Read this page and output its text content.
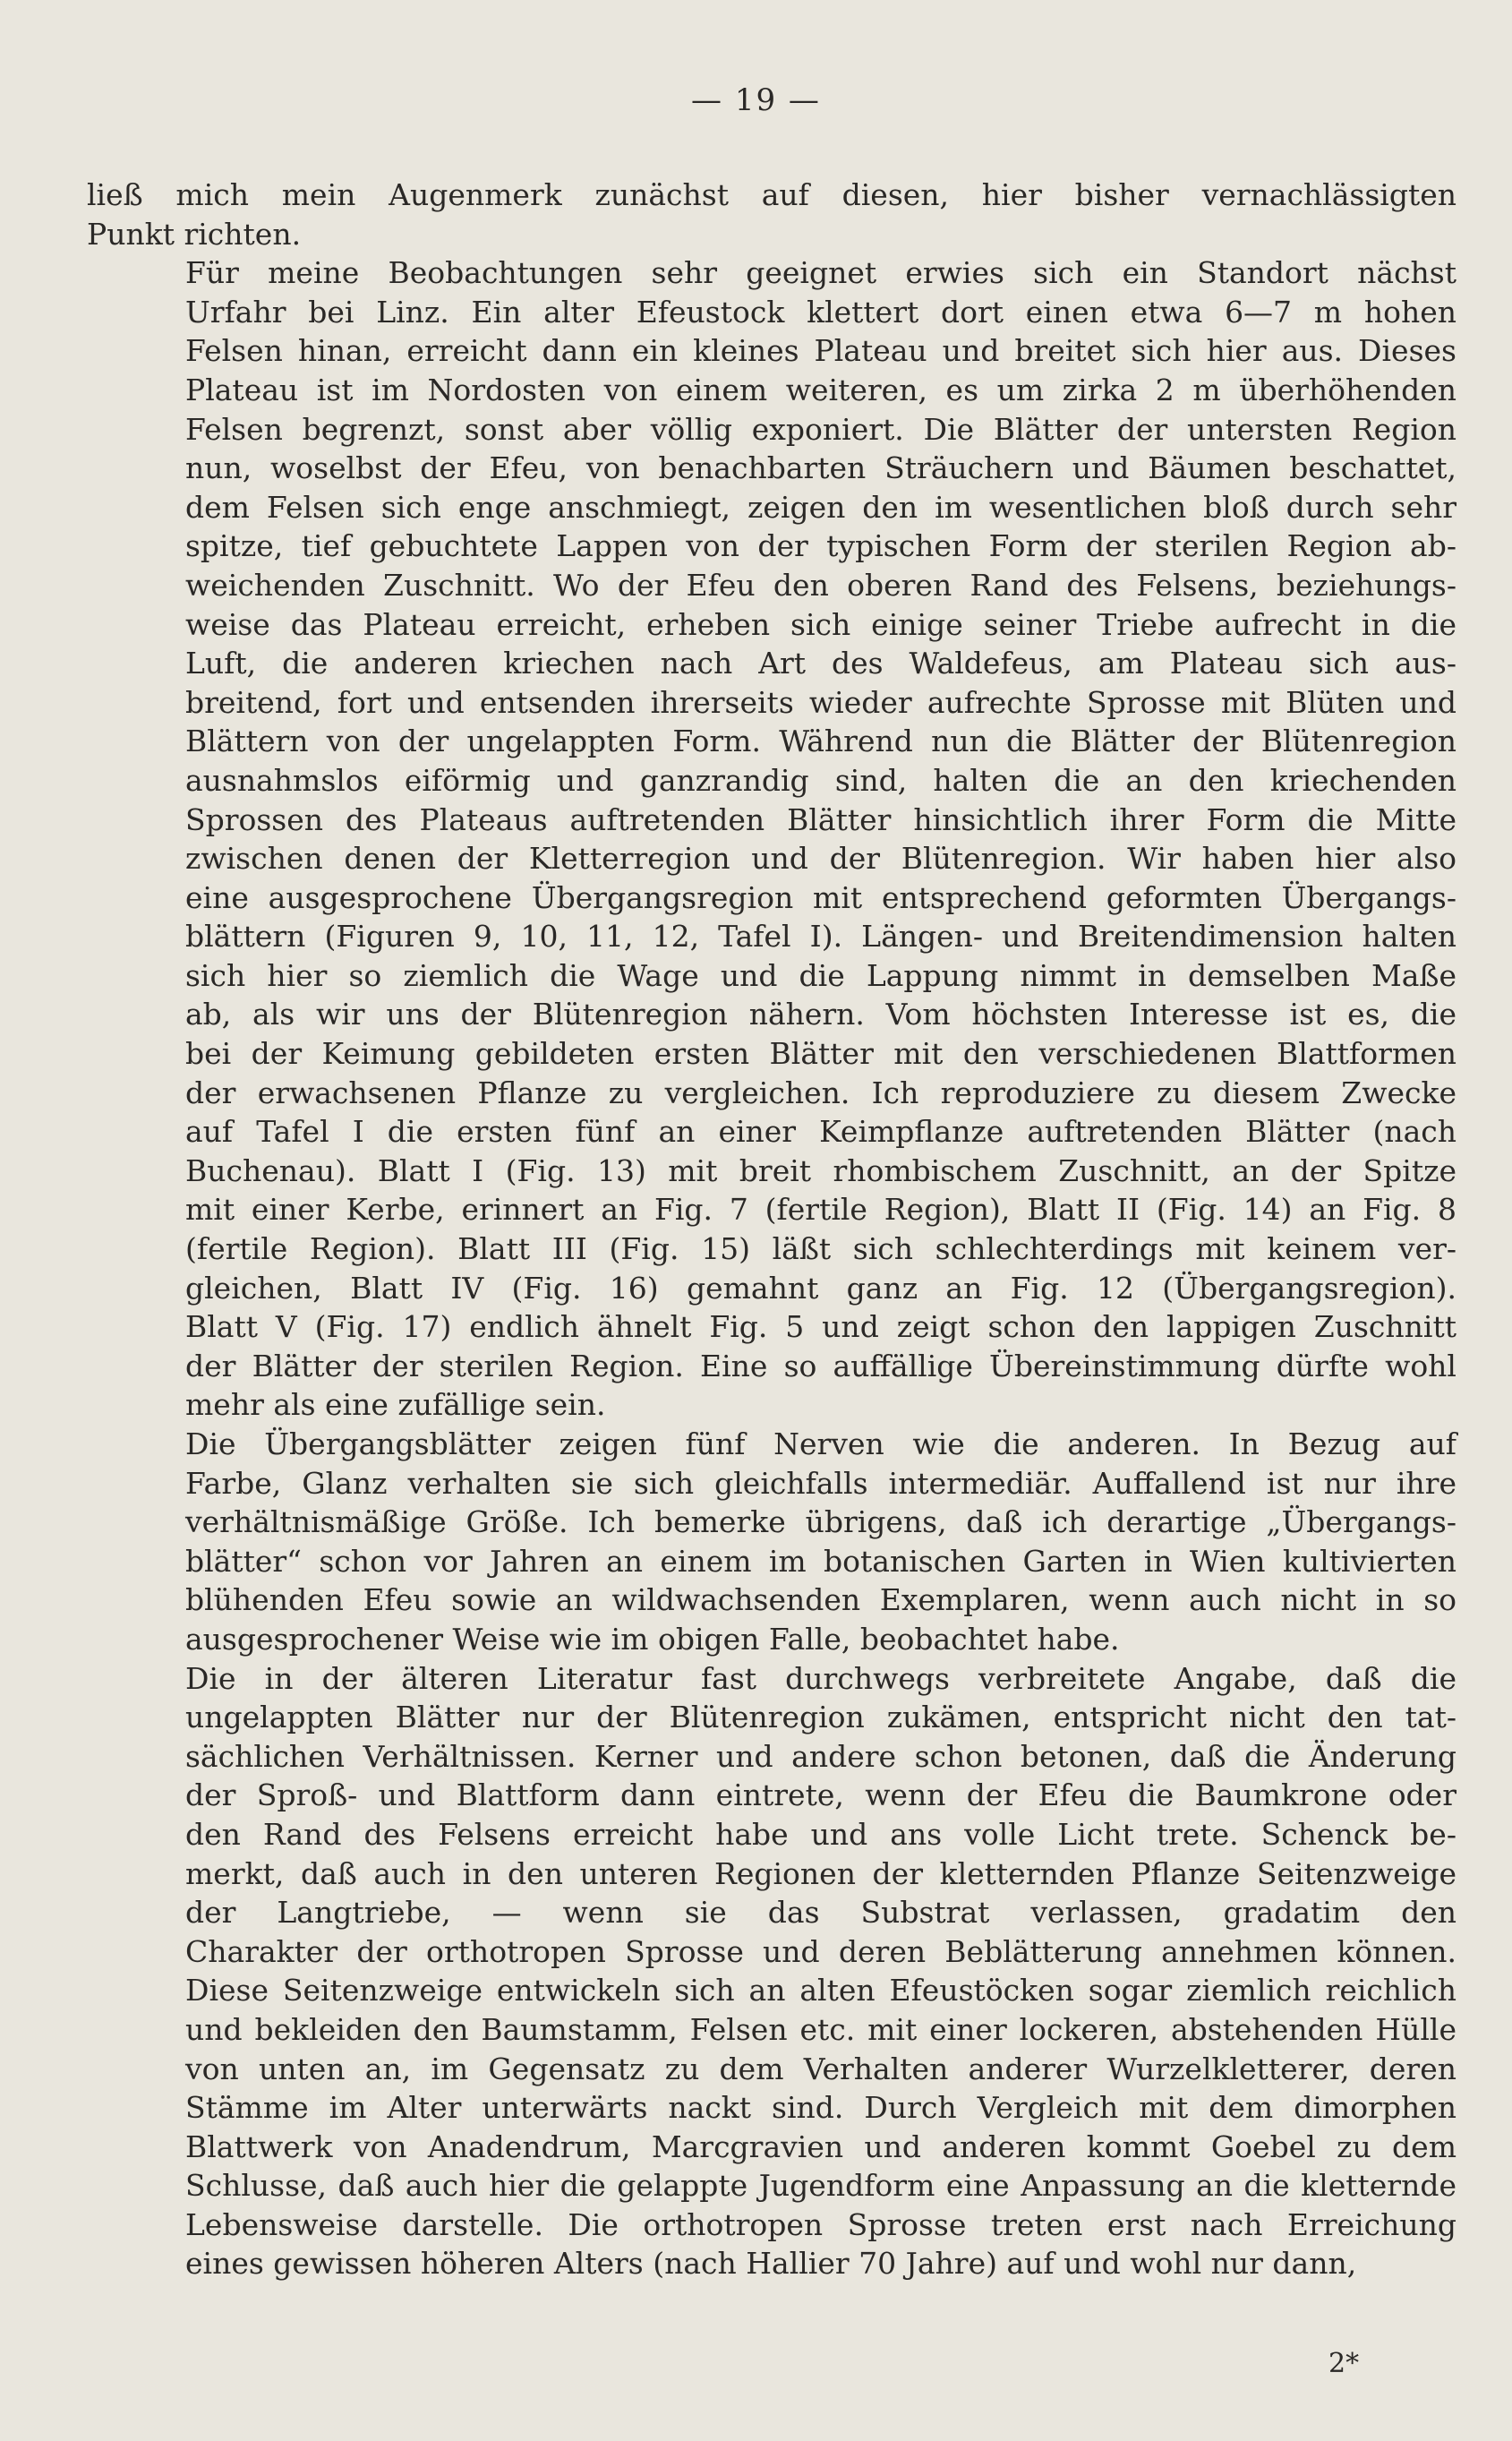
— 19 —
ließ mich mein Augenmerk zunächst auf diesen, hier bisher vernachlässigten
Punkt richten.
Für meine Beobachtungen sehr geeignet erwies sich ein Standort nächst
Urfahr bei Linz. Ein alter Efeustock klettert dort einen etwa 6—7 m hohen
Felsen hinan, erreicht dann ein kleines Plateau und breitet sich hier aus. Dieses
Plateau ist im Nordosten von einem weiteren, es um zirka 2 m überhöhenden
Felsen begrenzt, sonst aber völlig exponiert. Die Blätter der untersten Region
nun, woselbst der Efeu, von benachbarten Sträuchern und Bäumen beschattet,
dem Felsen sich enge anschmiegt, zeigen den im wesentlichen bloß durch sehr
spitze, tief gebuchtete Lappen von der typischen Form der sterilen Region ab-
weichenden Zuschnitt. Wo der Efeu den oberen Rand des Felsens, beziehungs-
weise das Plateau erreicht, erheben sich einige seiner Triebe aufrecht in die
Luft, die anderen kriechen nach Art des Waldefeus, am Plateau sich aus-
breitend, fort und entsenden ihrerseits wieder aufrechte Sprosse mit Blüten und
Blättern von der ungelappten Form. Während nun die Blätter der Blütenregion
ausnahmslos eiförmig und ganzrandig sind, halten die an den kriechenden
Sprossen des Plateaus auftretenden Blätter hinsichtlich ihrer Form die Mitte
zwischen denen der Kletterregion und der Blütenregion. Wir haben hier also
eine ausgesprochene Übergangsregion mit entsprechend geformten Übergangs-
blättern (Figuren 9, 10, 11, 12, Tafel I). Längen- und Breitendimension halten
sich hier so ziemlich die Wage und die Lappung nimmt in demselben Maße
ab, als wir uns der Blütenregion nähern. Vom höchsten Interesse ist es, die
bei der Keimung gebildeten ersten Blätter mit den verschiedenen Blattformen
der erwachsenen Pflanze zu vergleichen. Ich reproduziere zu diesem Zwecke
auf Tafel I die ersten fünf an einer Keimpflanze auftretenden Blätter (nach
Buchenau). Blatt I (Fig. 13) mit breit rhombischem Zuschnitt, an der Spitze
mit einer Kerbe, erinnert an Fig. 7 (fertile Region), Blatt II (Fig. 14) an Fig. 8
(fertile Region). Blatt III (Fig. 15) läßt sich schlechterdings mit keinem ver-
gleichen, Blatt IV (Fig. 16) gemahnt ganz an Fig. 12 (Übergangsregion).
Blatt V (Fig. 17) endlich ähnelt Fig. 5 und zeigt schon den lappigen Zuschnitt
der Blätter der sterilen Region. Eine so auffällige Übereinstimmung dürfte wohl
mehr als eine zufällige sein.
Die Übergangsblätter zeigen fünf Nerven wie die anderen. In Bezug auf
Farbe, Glanz verhalten sie sich gleichfalls intermediär. Auffallend ist nur ihre
verhältnismäßige Größe. Ich bemerke übrigens, daß ich derartige „Übergangs-
blätter“ schon vor Jahren an einem im botanischen Garten in Wien kultivierten
blühenden Efeu sowie an wildwachsenden Exemplaren, wenn auch nicht in so
ausgesprochener Weise wie im obigen Falle, beobachtet habe.
Die in der älteren Literatur fast durchwegs verbreitete Angabe, daß die
ungelappten Blätter nur der Blütenregion zukämen, entspricht nicht den tat-
sächlichen Verhältnissen. Kerner und andere schon betonen, daß die Änderung
der Sproß- und Blattform dann eintrete, wenn der Efeu die Baumkrone oder
den Rand des Felsens erreicht habe und ans volle Licht trete. Schenck be-
merkt, daß auch in den unteren Regionen der kletternden Pflanze Seitenzweige
der Langtriebe, — wenn sie das Substrat verlassen, gradatim den
Charakter der orthotropen Sprosse und deren Beblätterung annehmen können.
Diese Seitenzweige entwickeln sich an alten Efeustöcken sogar ziemlich reichlich
und bekleiden den Baumstamm, Felsen etc. mit einer lockeren, abstehenden Hülle
von unten an, im Gegensatz zu dem Verhalten anderer Wurzelkletterer, deren
Stämme im Alter unterwärts nackt sind. Durch Vergleich mit dem dimorphen
Blattwerk von Anadendrum, Marcgravien und anderen kommt Goebel zu dem
Schlusse, daß auch hier die gelappte Jugendform eine Anpassung an die kletternde
Lebensweise darstelle. Die orthotropen Sprosse treten erst nach Erreichung
eines gewissen höheren Alters (nach Hallier 70 Jahre) auf und wohl nur dann,
2*
